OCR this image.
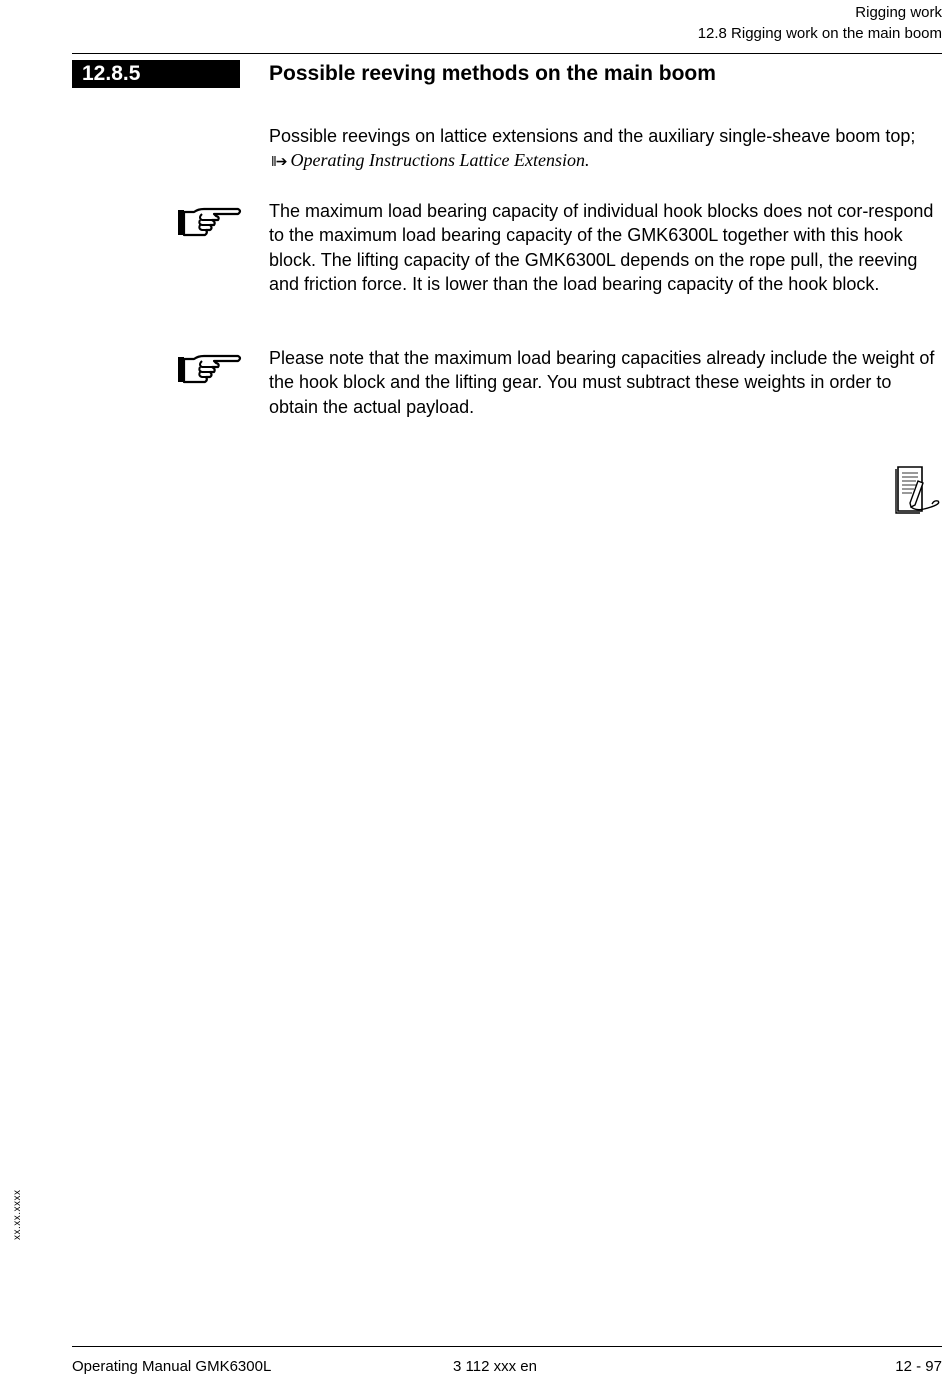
Rigging work
12.8 Rigging work on the main boom
12.8.5	Possible reeving methods on the main boom

Possible reevings on lattice extensions and the auxiliary single-sheave boom top; ‖➔ Operating Instructions Lattice Extension.

The maximum load bearing capacity of individual hook blocks does not cor-respond to the maximum load bearing capacity of the GMK6300L together with this hook block. The lifting capacity of the GMK6300L depends on the rope pull, the reeving and friction force. It is lower than the load bearing capacity of the hook block.

Please note that the maximum load bearing capacities already include the weight of the hook block and the lifting gear. You must subtract these weights in order to obtain the actual payload.

xx.xx.xxxx
Operating Manual GMK6300L	3 112 xxx en	12 - 97
